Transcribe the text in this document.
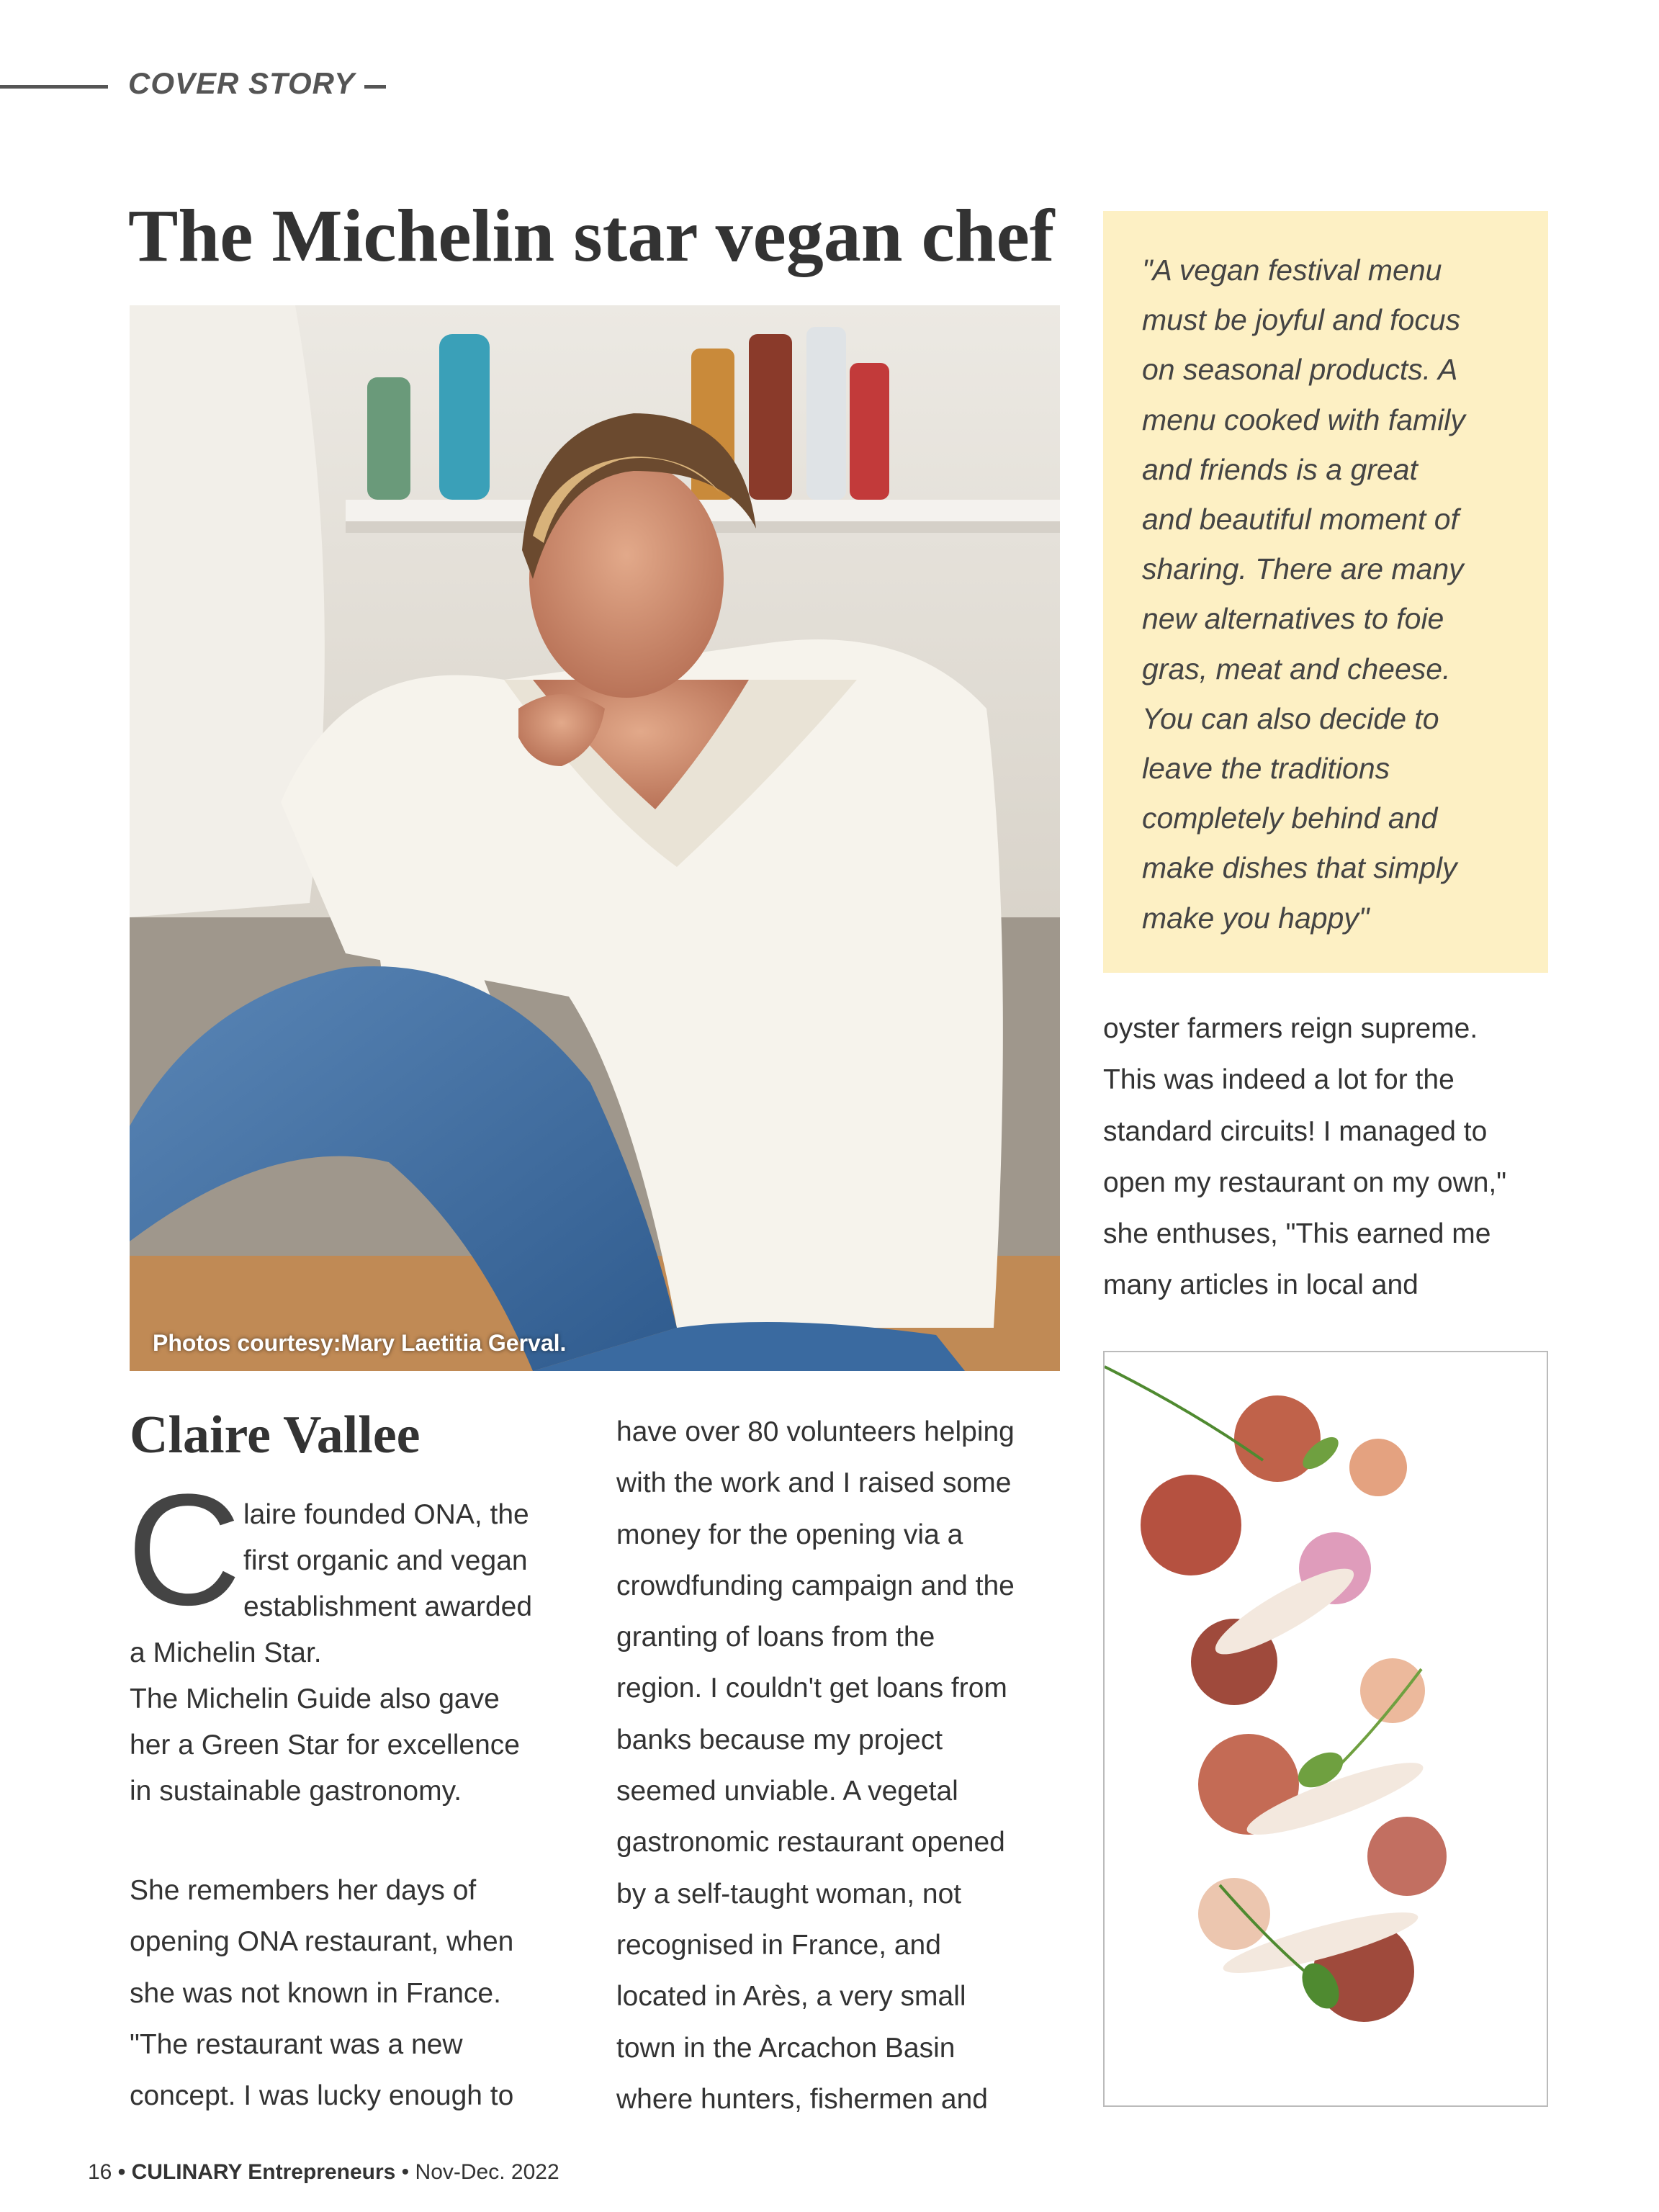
COVER STORY
The Michelin star vegan chef
Photos courtesy:Mary Laetitia Gerval.
"A vegan festival menu
must be joyful and focus
on seasonal products. A
menu cooked with family
and friends is a great
and beautiful moment of
sharing. There are many
new alternatives to foie
gras, meat and cheese.
You can also decide to
leave the traditions
completely behind and
make dishes that simply
make you happy"
oyster farmers reign supreme.
This was indeed a lot for the
standard circuits! I managed to
open my restaurant on my own,"
she enthuses, "This earned me
many articles in local and
Claire Vallee
C laire founded ONA, the
first organic and vegan
establishment awarded
a Michelin Star.
The Michelin Guide also gave
her a Green Star for excellence
in sustainable gastronomy.
She remembers her days of
opening ONA restaurant, when
she was not known in France.
"The restaurant was a new
concept. I was lucky enough to
have over 80 volunteers helping
with the work and I raised some
money for the opening via a
crowdfunding campaign and the
granting of loans from the
region. I couldn't get loans from
banks because my project
seemed unviable. A vegetal
gastronomic restaurant opened
by a self-taught woman, not
recognised in France, and
located in Arès, a very small
town in the Arcachon Basin
where hunters, fishermen and
16 • CULINARY Entrepreneurs • Nov-Dec. 2022
